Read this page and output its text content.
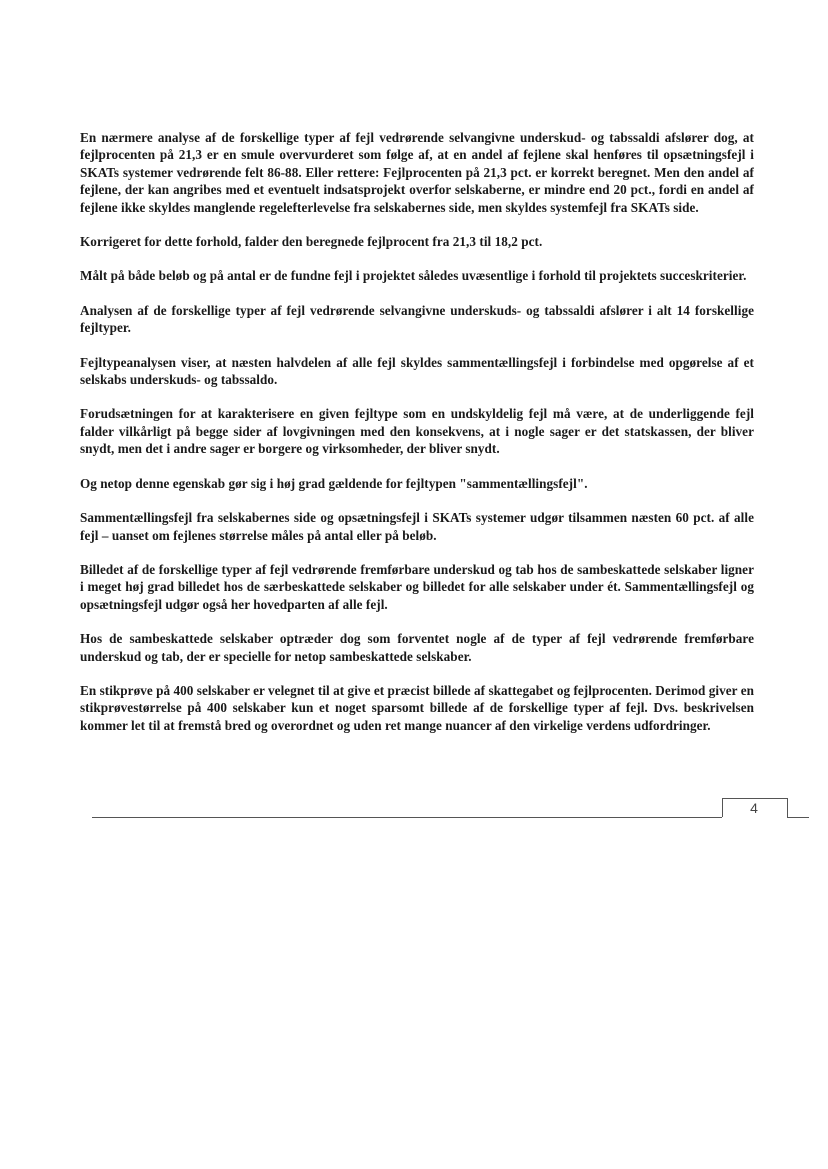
En nærmere analyse af de forskellige typer af fejl vedrørende selvangivne underskud- og tabssaldi afslører dog, at fejlprocenten på 21,3 er en smule overvurderet som følge af, at en andel af fejlene skal henføres til opsætningsfejl i SKATs systemer vedrørende felt 86-88. Eller rettere: Fejlprocenten på 21,3 pct. er korrekt beregnet. Men den andel af fejlene, der kan angribes med et eventuelt indsatsprojekt overfor selskaberne, er mindre end 20 pct., fordi en andel af fejlene ikke skyldes manglende regelefterlevelse fra selskabernes side, men skyldes systemfejl fra SKATs side.

Korrigeret for dette forhold, falder den beregnede fejlprocent fra 21,3 til 18,2 pct.

Målt på både beløb og på antal er de fundne fejl i projektet således uvæsentlige i forhold til projektets succeskriterier.

Analysen af de forskellige typer af fejl vedrørende selvangivne underskuds- og tabssaldi afslører i alt 14 forskellige fejltyper.

Fejltypeanalysen viser, at næsten halvdelen af alle fejl skyldes sammentællingsfejl i forbindelse med opgørelse af et selskabs underskuds- og tabssaldo.

Forudsætningen for at karakterisere en given fejltype som en undskyldelig fejl må være, at de underliggende fejl falder vilkårligt på begge sider af lovgivningen med den konsekvens, at i nogle sager er det statskassen, der bliver snydt, men det i andre sager er borgere og virksomheder, der bliver snydt.

Og netop denne egenskab gør sig i høj grad gældende for fejltypen "sammentællingsfejl".

Sammentællingsfejl fra selskabernes side og opsætningsfejl i SKATs systemer udgør tilsammen næsten 60 pct. af alle fejl – uanset om fejlenes størrelse måles på antal eller på beløb.

Billedet af de forskellige typer af fejl vedrørende fremførbare underskud og tab hos de sambeskattede selskaber ligner i meget høj grad billedet hos de særbeskattede selskaber og billedet for alle selskaber under ét. Sammentællingsfejl og opsætningsfejl udgør også her hovedparten af alle fejl.

Hos de sambeskattede selskaber optræder dog som forventet nogle af de typer af fejl vedrørende fremførbare underskud og tab, der er specielle for netop sambeskattede selskaber.

En stikprøve på 400 selskaber er velegnet til at give et præcist billede af skattegabet og fejlprocenten. Derimod giver en stikprøvestørrelse på 400 selskaber kun et noget sparsomt billede af de forskellige typer af fejl. Dvs. beskrivelsen kommer let til at fremstå bred og overordnet og uden ret mange nuancer af den virkelige verdens udfordringer.

4
